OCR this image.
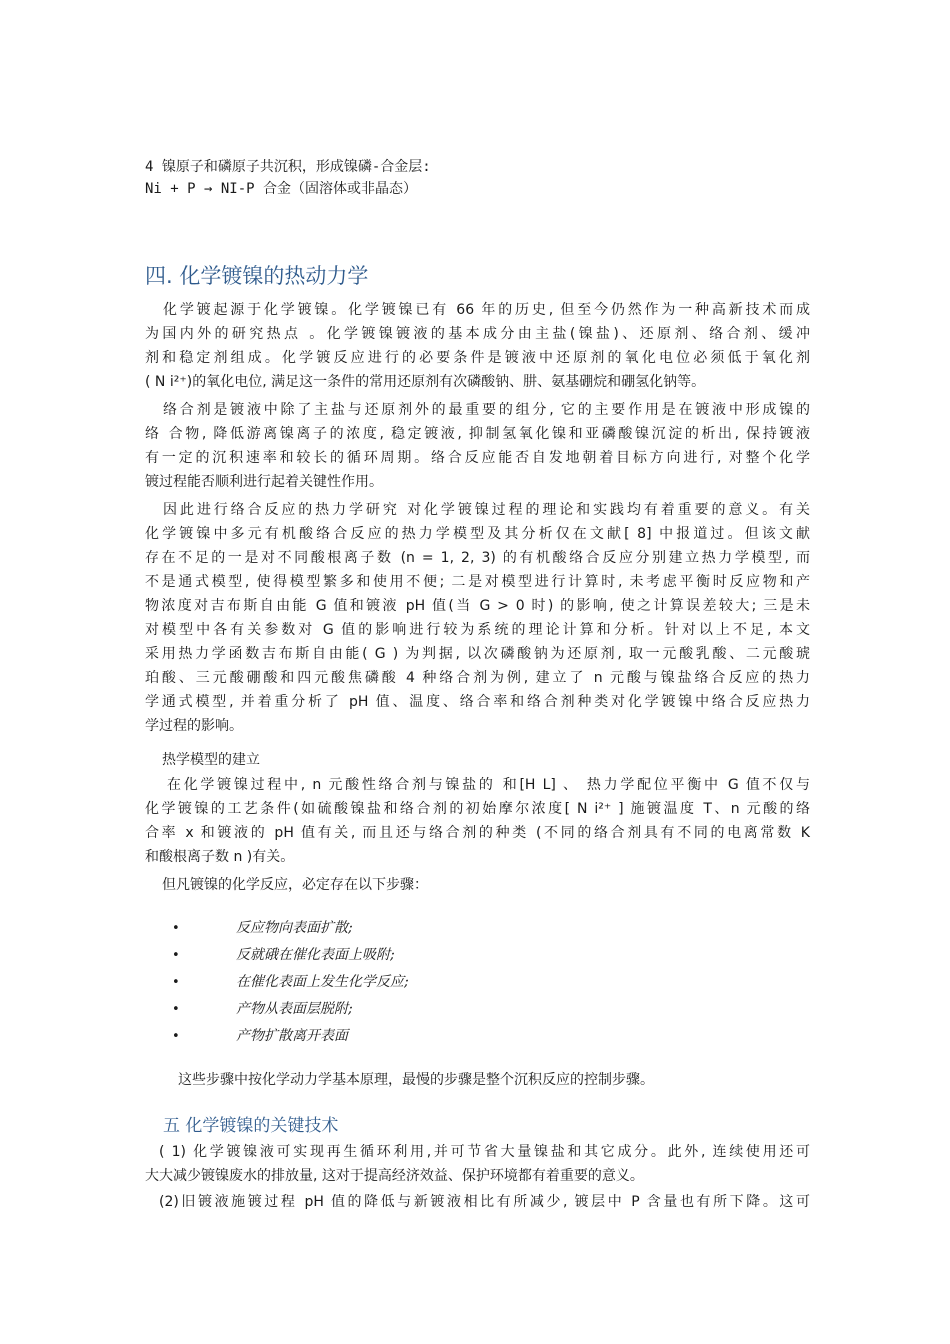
4 镍原子和磷原子共沉积，形成镍磷-合金层:
Ni + P → NI-P 合金（固溶体或非晶态）
四. 化学镀镍的热动力学
化学镀起源于化学镀镍。化学镀镍已有 66 年的历史, 但至今仍然作为一种高新技术而成
为国内外的研究热点 。化学镀镍镀液的基本成分由主盐(镍盐)、还原剂、络合剂、缓冲
剂和稳定剂组成。化学镀反应进行的必要条件是镀液中还原剂的氧化电位必须低于氧化剂
( N i²⁺)的氧化电位, 满足这一条件的常用还原剂有次磷酸钠、肼、氨基硼烷和硼氢化钠等。
络合剂是镀液中除了主盐与还原剂外的最重要的组分, 它的主要作用是在镀液中形成镍的
络 合物, 降低游离镍离子的浓度, 稳定镀液, 抑制氢氧化镍和亚磷酸镍沉淀的析出, 保持镀液
有一定的沉积速率和较长的循环周期。络合反应能否自发地朝着目标方向进行, 对整个化学
镀过程能否顺利进行起着关键性作用。
因此进行络合反应的热力学研究 对化学镀镍过程的理论和实践均有着重要的意义。有关
化学镀镍中多元有机酸络合反应的热力学模型及其分析仅在文献[ 8] 中报道过。但该文献
存在不足的一是对不同酸根离子数 (n = 1, 2, 3) 的有机酸络合反应分别建立热力学模型, 而
不是通式模型, 使得模型繁多和使用不便; 二是对模型进行计算时, 未考虑平衡时反应物和产
物浓度对吉布斯自由能 G 值和镀液 pH 值(当 G > 0 时) 的影响, 使之计算误差较大; 三是未
对模型中各有关参数对 G 值的影响进行较为系统的理论计算和分析。针对以上不足, 本文
采用热力学函数吉布斯自由能( G ) 为判据, 以次磷酸钠为还原剂, 取一元酸乳酸、二元酸琥
珀酸、三元酸硼酸和四元酸焦磷酸 4 种络合剂为例, 建立了 n 元酸与镍盐络合反应的热力
学通式模型, 并着重分析了 pH 值、温度、络合率和络合剂种类对化学镀镍中络合反应热力
学过程的影响。
热学模型的建立
在化学镀镍过程中, n 元酸性络合剂与镍盐的 和[H L] 、 热力学配位平衡中 G 值不仅与
化学镀镍的工艺条件(如硫酸镍盐和络合剂的初始摩尔浓度[ N i²⁺ ] 施镀温度 T、n 元酸的络
合率 x 和镀液的 pH 值有关, 而且还与络合剂的种类 (不同的络合剂具有不同的电离常数 K
和酸根离子数 n )有关。
但凡镀镍的化学反应，必定存在以下步骤：
•	反应物向表面扩散;
•	反就硪在催化表面上吸附;
•	在催化表面上发生化学反应;
•	产物从表面层脱附;
•	产物扩散离开表面
这些步骤中按化学动力学基本原理，最慢的步骤是整个沉积反应的控制步骤。
五 化学镀镍的关键技术
( 1) 化学镀镍液可实现再生循环利用,并可节省大量镍盐和其它成分。此外, 连续使用还可
大大减少镀镍废水的排放量, 这对于提高经济效益、保护环境都有着重要的意义。
(2)旧镀液施镀过程 pH 值的降低与新镀液相比有所减少, 镀层中 P 含量也有所下降。这可
